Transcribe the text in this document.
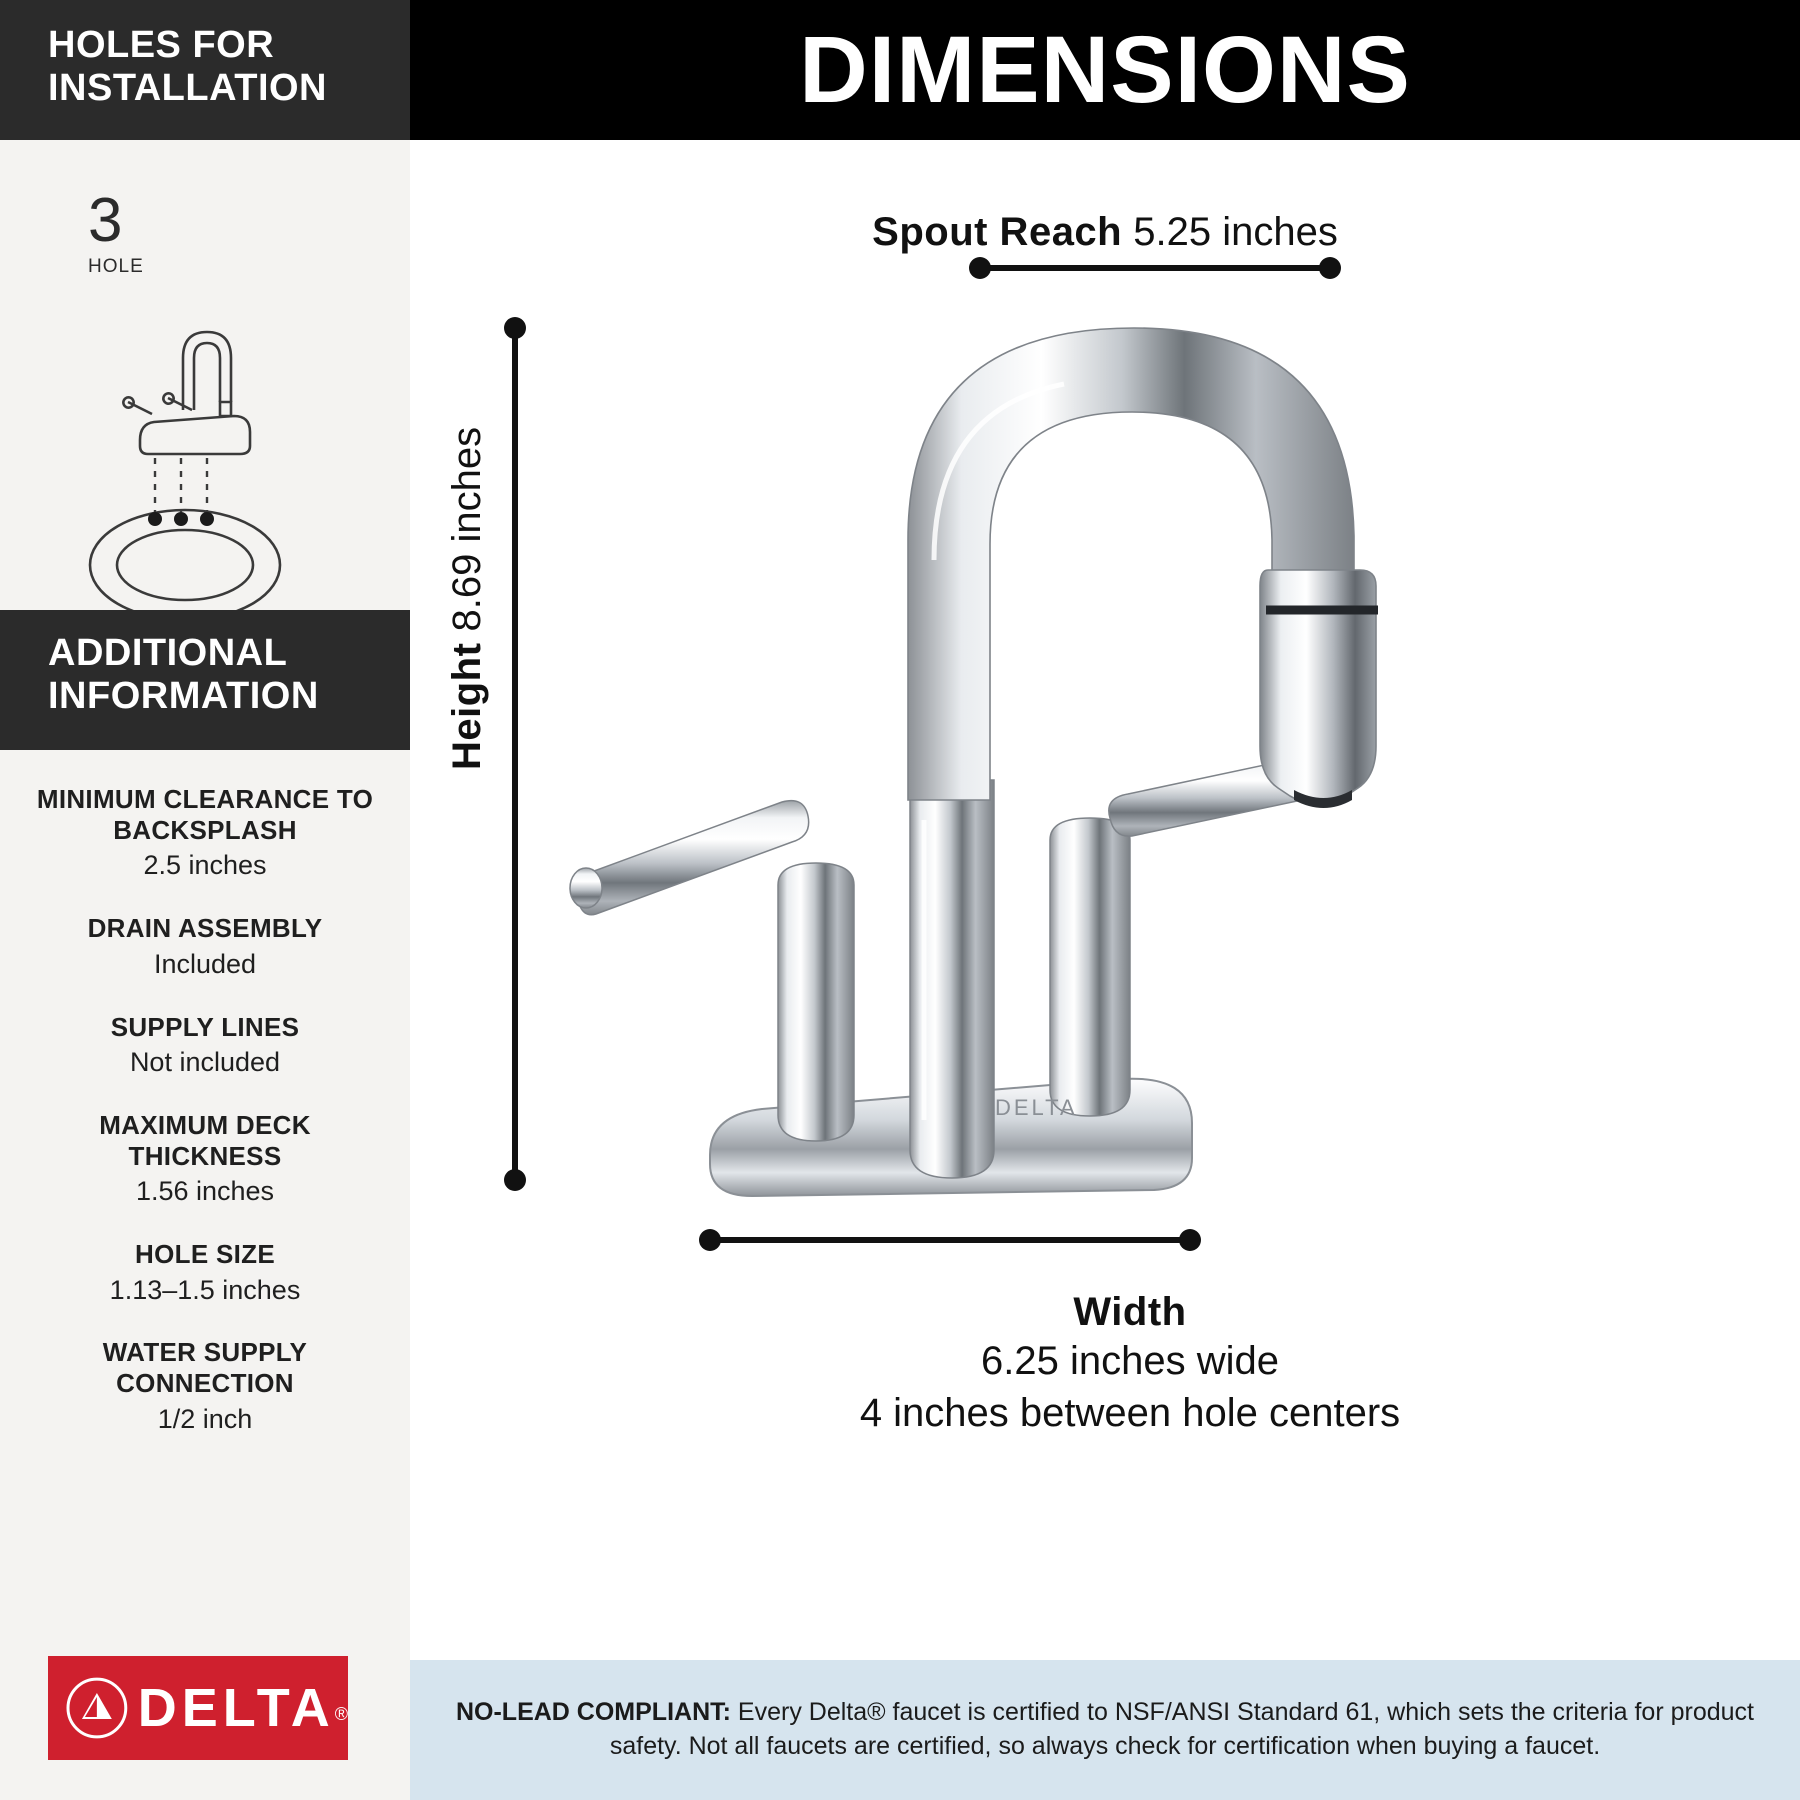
HOLES FOR INSTALLATION
3
HOLE
ADDITIONAL INFORMATION
MINIMUM CLEARANCE TO BACKSPLASH
2.5 inches
DRAIN ASSEMBLY
Included
SUPPLY LINES
Not included
MAXIMUM DECK THICKNESS
1.56 inches
HOLE SIZE
1.13–1.5 inches
WATER SUPPLY CONNECTION
1/2 inch
DELTA ®
DIMENSIONS
Spout Reach 5.25 inches
Height 8.69 inches
Width
6.25 inches wide
4 inches between hole centers
DELTA
NO-LEAD COMPLIANT: Every Delta® faucet is certified to NSF/ANSI Standard 61, which sets the criteria for product safety. Not all faucets are certified, so always check for certification when buying a faucet.
